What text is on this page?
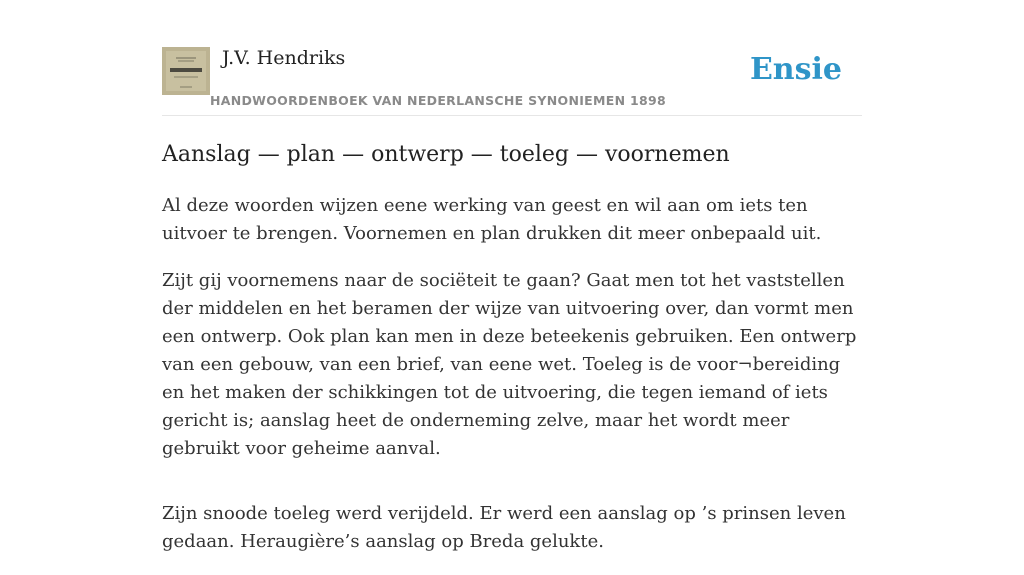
J.V. Hendriks
HANDWOORDENBOEK VAN NEDERLANSCHE SYNONIEMEN 1898
Ensie
Aanslag — plan — ontwerp — toeleg — voornemen

Al deze woorden wijzen eene werking van geest en wil aan om iets ten uitvoer te brengen. Voornemen en plan drukken dit meer onbepaald uit.

Zijt gij voornemens naar de sociëteit te gaan? Gaat men tot het vaststellen der middelen en het beramen der wijze van uitvoering over, dan vormt men een ontwerp. Ook plan kan men in deze beteekenis gebruiken. Een ontwerp van een gebouw, van een brief, van eene wet. Toeleg is de voor¬bereiding en het maken der schikkingen tot de uitvoering, die tegen iemand of iets gericht is; aanslag heet de onderneming zelve, maar het wordt meer gebruikt voor geheime aanval.

Zijn snoode toeleg werd verijdeld. Er werd een aanslag op ’s prinsen leven gedaan. Heraugière’s aanslag op Breda gelukte.
